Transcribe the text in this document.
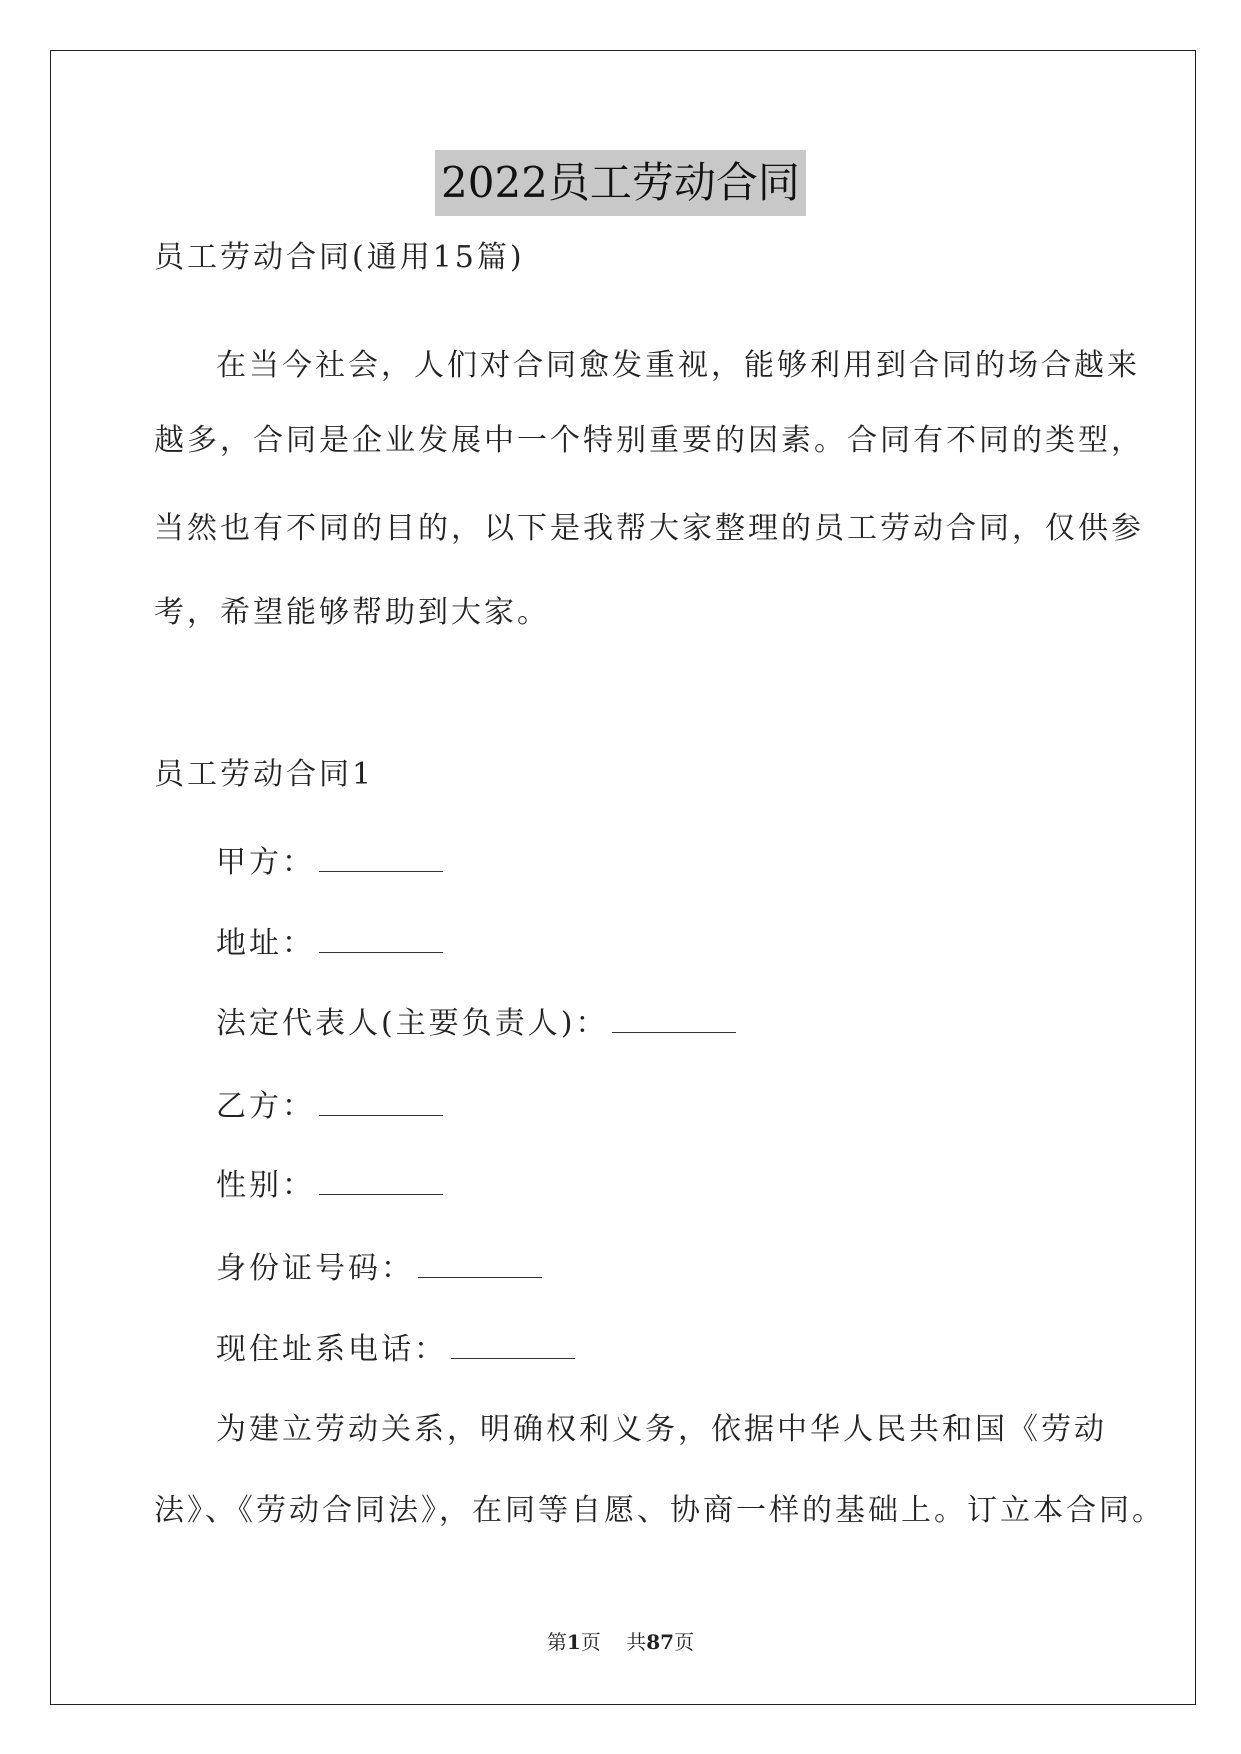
2022员工劳动合同
员工劳动合同(通用15篇)
在当今社会，人们对合同愈发重视，能够利用到合同的场合越来
越多，合同是企业发展中一个特别重要的因素。合同有不同的类型，
当然也有不同的目的，以下是我帮大家整理的员工劳动合同，仅供参
考，希望能够帮助到大家。
员工劳动合同1
甲方：
地址：
法定代表人(主要负责人)：
乙方：
性别：
身份证号码：
现住址系电话：
为建立劳动关系，明确权利义务，依据中华人民共和国《劳动
法》、《劳动合同法》，在同等自愿、协商一样的基础上。订立本合同。
第1页 共87页
